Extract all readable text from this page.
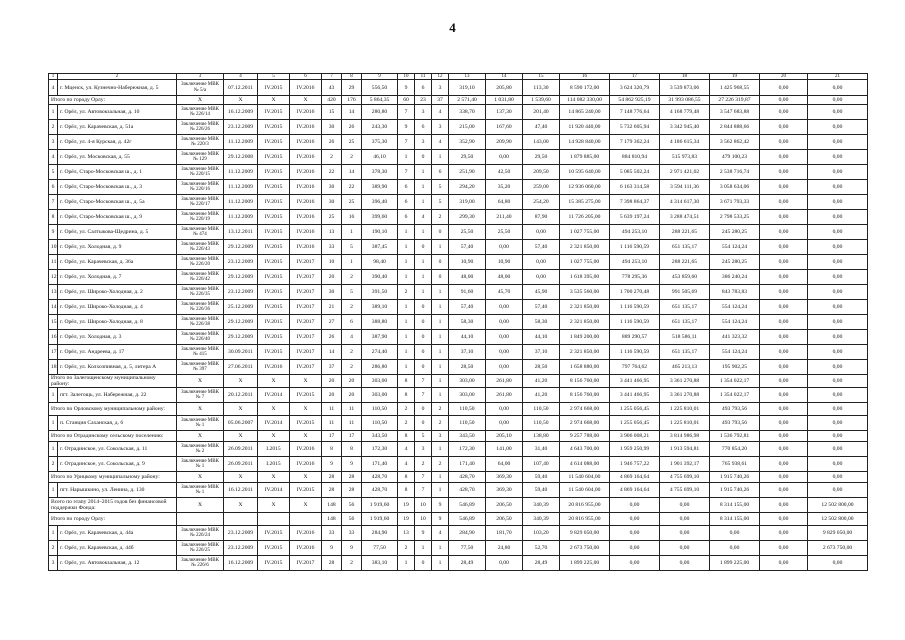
4
1	2	3	4	5	6	7	8	9	10	11	12	13	14	15	16	17	18	19	20	21
4	г. Мценск, ул. Кузнечно-Набережная, д. 5	Заключение МВК № 5/а	07.12.2011	IV.2015	IV.2016	43	29	556,50	9	6	3	319,10	205,80	113,30	8 590 172,00	3 624 320,79	3 539 873,06	1 425 968,55	0,00	0,00
Итого по городу Орлу:		X	X	X	X	420	176	5 864,35	60	23	37	2 571,40	1 031,80	1 539,60	114 082 330,00	54 862 925,19	31 993 086,55	27 226 319,87	0,00	0,00
1	г. Орёл, ул. Автовокзальная, д. 10	Заключение МВК № 226/14	16.12.2009	IV.2015	IV.2016	15	14	280,80	7	3	4	338,70	137,30	201,40	14 865 240,00	7 148 776,64	4 168 779,48	3 547 683,88	0,00	0,00
2	г. Орёл, ул. Карачевская, д. 51а	Заключение МВК № 226/26	23.12.2009	IV.2015	IV.2016	30	26	243,30	9	6	3	215,00	167,60	47,40	11 920 440,00	5 732 605,94	3 342 945,40	2 844 888,66	0,00	0,00
3	г. Орёл, ул. 4-я Курская, д. 42г	Заключение МВК № 220/3	11.12.2009	IV.2015	IV.2016	26	25	375,30	7	3	4	352,90	209,90	143,00	14 928 840,00	7 179 362,24	4 186 615,34	3 562 862,42	0,00	0,00
4	г. Орёл, ул. Московская, д. 55	Заключение МВК № 129	29.12.2008	IV.2015	IV.2016	2	2	46,10	1	0	1	29,50	0,00	29,50	1 879 885,00	884 810,94	515 973,83	479 100,23	0,00	0,00
5	г. Орёл, Старо-Московская ш., д. 1	Заключение МВК № 220/15	11.12.2009	IV.2015	IV.2016	22	14	378,30	7	1	6	251,90	42,50	209,50	10 595 640,00	5 085 502,24	2 971 421,02	2 538 716,74	0,00	0,00
6	г. Орёл, Старо-Московская ш., д. 3	Заключение МВК № 220/16	11.12.2009	IV.2015	IV.2016	30	22	389,90	6	1	5	294,20	35,20	259,00	12 936 060,00	6 163 314,58	3 594 111,36	3 058 634,06	0,00	0,00
7	г. Орёл, Старо-Московская ш., д. 5а	Заключение МВК № 220/17	11.12.2009	IV.2015	IV.2016	30	25	396,40	6	1	5	319,00	64,80	254,20	15 385 275,00	7 398 864,37	4 314 617,30	3 671 793,33	0,00	0,00
8	г. Орёл, Старо-Московская ш., д. 9	Заключение МВК № 220/19	11.12.2009	IV.2015	IV.2016	25	16	399,60	6	4	2	299,30	211,40	87,90	11 726 205,00	5 639 197,24	3 288 474,51	2 798 533,25	0,00	0,00
9	г. Орёл, ул. Салтыкова-Щедрина, д. 5	Заключение МВК № 474	13.12.2011	IV.2015	IV.2016	13	1	190,10	1	1	0	25,50	25,50	0,00	1 027 755,00	494 253,10	288 221,65	245 280,25	0,00	0,00
10	г. Орёл, ул. Холодная, д. 9	Заключение МВК № 226/43	29.12.2009	IV.2015	IV.2016	33	5	387,45	1	0	1	57,40	0,00	57,40	2 321 850,00	1 116 590,59	651 135,17	554 124,24	0,00	0,00
11	г. Орёл, ул. Карачевская, д. 36а	Заключение МВК № 226/20	23.12.2009	IV.2015	IV.2017	10	1	98,40	1	1	0	10,90	10,90	0,00	1 027 755,00	494 253,10	288 221,65	245 280,25	0,00	0,00
12	г. Орёл, ул. Холодная, д. 7	Заключение МВК № 226/42	29.12.2009	IV.2015	IV.2017	20	2	390,40	1	1	0	48,00	48,00	0,00	1 618 395,00	778 295,36	453 859,60	386 240,24	0,00	0,00
13	г. Орёл, ул. Широко-Холодная, д. 2	Заключение МВК № 226/35	23.12.2009	IV.2015	IV.2017	30	5	391,50	2	1	1	91,60	45,70	45,90	3 535 560,00	1 700 270,48	991 505,69	843 783,83	0,00	0,00
14	г. Орёл, ул. Широко-Холодная, д. 4	Заключение МВК № 226/36	25.12.2009	IV.2015	IV.2017	21	2	389,10	1	0	1	57,40	0,00	57,40	2 321 850,00	1 116 590,59	651 135,17	554 124,24	0,00	0,00
15	г. Орёл, ул. Широко-Холодная, д. 8	Заключение МВК № 226/38	29.12.2009	IV.2015	IV.2017	27	6	388,80	1	0	1	58,30	0,00	58,30	2 321 850,00	1 116 590,59	651 135,17	554 124,24	0,00	0,00
16	г. Орёл, ул. Холодная, д. 3	Заключение МВК № 226/40	29.12.2009	IV.2015	IV.2017	26	4	387,90	1	0	1	44,10	0,00	44,10	1 849 200,00	889 290,57	518 586,11	441 323,32	0,00	0,00
17	г. Орёл, ул. Андреева, д. 17	Заключение МВК № 415	30.09.2011	IV.2015	IV.2017	14	2	274,40	1	0	1	37,10	0,00	37,10	2 321 850,00	1 116 590,59	651 135,17	554 124,24	0,00	0,00
18	г. Орёл, ул. Колхозпивная, д. 5, литера А	Заключение МВК № 397	27.06.2011	IV.2016	IV.2017	37	2	286,80	1	0	1	28,50	0,00	28,50	1 658 880,00	797 764,62	465 213,13	195 902,25	0,00	0,00
Итого по Залегощенскому муниципальному району:		X	X	X	X	20	20	303,00	8	7	1	303,00	261,80	41,20	8 156 760,00	3 441 466,95	3 361 270,88	1 354 022,17	0,00	0,00
1	пгт. Залегощь, ул. Набережная, д. 22	Заключение МВК № 7	20.12.2011	IV.2014	IV.2015	20	20	303,00	8	7	1	303,00	261,80	41,20	8 156 760,00	3 441 466,95	3 361 270,88	1 354 022,17	0,00	0,00
Итого по Орловскому муниципальному району:		X	X	X	X	11	11	110,50	2	0	2	110,50	0,00	110,50	2 974 668,00	1 255 056,45	1 225 810,01	493 793,56	0,00	0,00
1	п. Станция Саханская, д. 6	Заключение МВК № 1	05.06.2007	IV.2014	IV.2015	11	11	110,50	2	0	2	110,50	0,00	110,50	2 974 668,00	1 255 056,45	1 225 810,01	493 793,56	0,00	0,00
Итого по Отрадинскому сельскому поселению:		X	X	X	X	17	17	343,50	8	5	3	343,50	205,10	138,80	9 257 788,00	3 906 008,21	3 814 986,98	1 536 792,81	0,00	0,00
1	г. Отрадинское, ул. Сокольская, д. 11	Заключение МВК № 2	26.09.2011	I.2015	IV.2016	8	8	172,30	4	3	1	172,30	141,00	31,40	4 643 700,00	1 959 250,99	1 913 594,81	770 854,20	0,00	0,00
2	г. Отрадинское, ул. Сокольская, д. 9	Заключение МВК № 1	26.09.2011	I.2015	IV.2016	9	9	171,40	4	2	2	171,40	64,00	107,40	4 614 088,00	1 946 757,22	1 901 392,17	765 938,61	0,00	0,00
Итого по Урицкому муниципальному району:		X	X	X	X	28	28	428,70	8	7	1	428,70	369,30	59,40	11 540 604,00	4 869 164,64	4 755 699,10	1 915 740,26	0,00	0,00
1	пгт. Нарышкино, ул. Ленина, д. 130	Заключение МВК № 1	16.12.2011	IV.2014	IV.2015	28	28	428,70	8	7	1	428,70	369,30	59,40	11 540 604,00	4 869 164,64	4 755 699,10	1 915 740,26	0,00	0,00
Всего по этапу 2014–2015 годов без финансовой поддержки Фонда:		X	X	X	X	148	56	1 919,60	19	10	9	546,89	206,50	340,39	20 816 955,00	0,00	0,00	8 314 155,00	0,00	12 502 800,00
Итого по городу Орлу:						148	56	1 919,60	19	10	9	546,89	206,50	340,39	20 816 955,00	0,00	0,00	8 314 155,00	0,00	12 502 800,00
1	г. Орёл, ул. Карачевская, д. 44а	Заключение МВК № 226/24	23.12.2009	IV.2015	IV.2016	33	33	284,90	13	9	4	284,90	181,70	103,20	9 829 050,00	0,00	0,00	0,00	0,00	9 829 050,00
2	г. Орёл, ул. Карачевская, д. 44б	Заключение МВК № 226/25	23.12.2009	IV.2015	IV.2016	9	9	77,50	2	1	1	77,50	24,80	52,70	2 673 750,00	0,00	0,00	0,00	0,00	2 673 750,00
3	г. Орёл, ул. Автовокзальная, д. 12	Заключение МВК № 226/6	16.12.2009	IV.2015	IV.2017	28	2	383,10	1	0	1	28,49	0,00	28,49	1 899 225,00	0,00	0,00	1 899 225,00	0,00	0,00
